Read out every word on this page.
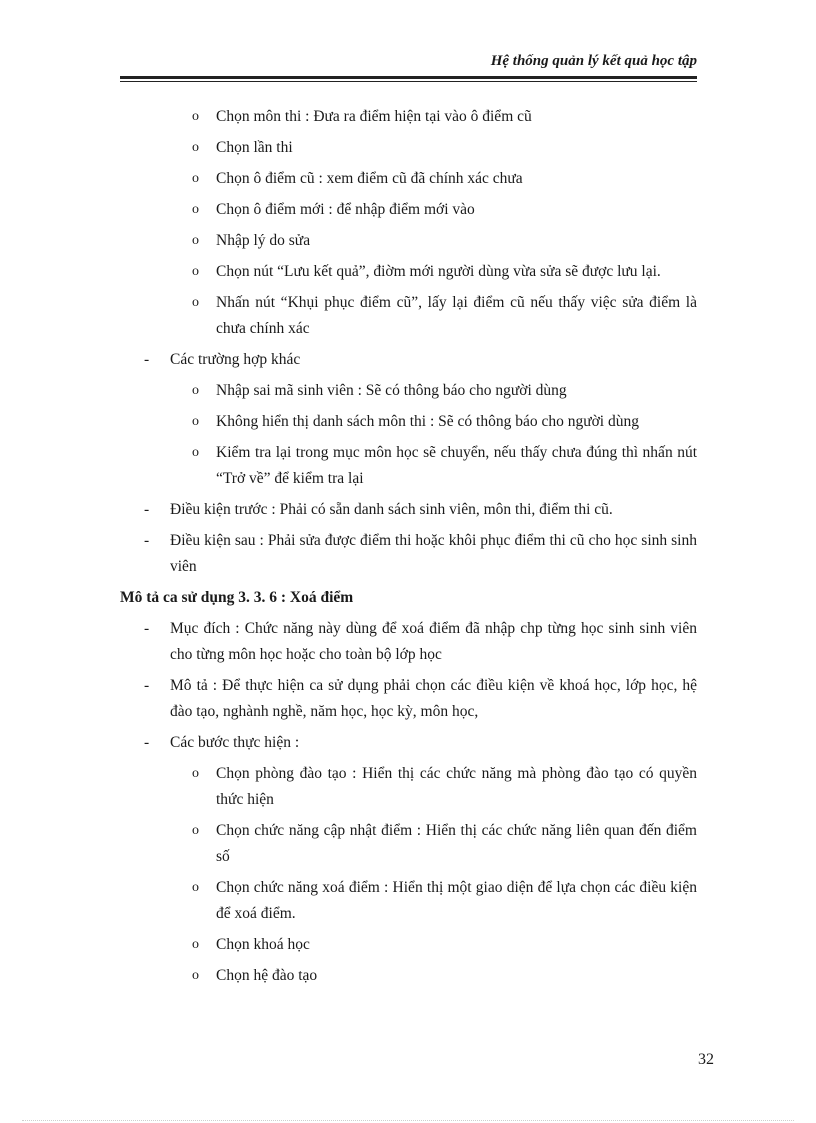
Hệ thống quản lý kết quả học tập
o Chọn môn thi : Đưa ra điểm hiện tại vào ô điểm cũ
o Chọn lần thi
o Chọn ô điểm cũ : xem điểm cũ đã chính xác chưa
o Chọn ô điểm mới : để nhập điểm mới vào
o Nhập lý do sửa
o Chọn nút “Lưu kết quả”, điờm mới người dùng vừa sửa sẽ được lưu lại.
o Nhấn nút “Khụi phục điểm cũ”, lấy lại điểm cũ nếu thấy việc sửa điểm là chưa chính xác
- Các trường hợp khác
o Nhập sai mã sinh viên : Sẽ có thông báo cho người dùng
o Không hiển thị danh sách môn thi : Sẽ có thông báo cho người dùng
o Kiểm tra lại trong mục môn học sẽ chuyển, nếu thấy chưa đúng thì nhấn nút “Trở về” để kiểm tra lại
- Điều kiện trước : Phải có sẵn danh sách sinh viên, môn thi, điểm thi cũ.
- Điều kiện sau : Phải sửa được điểm thi hoặc khôi phục điểm thi cũ cho học sinh sinh viên
Mô tả ca sử dụng 3. 3. 6 : Xoá điểm
- Mục đích : Chức năng này dùng để xoá điểm đã nhập chp từng học sinh sinh viên cho từng môn học hoặc cho toàn bộ lớp học
- Mô tả : Để thực hiện ca sử dụng phải chọn các điều kiện về khoá học, lớp học, hệ đào tạo, nghành nghề, năm học, học kỳ, môn học,
- Các bước thực hiện :
o Chọn phòng đào tạo : Hiển thị các chức năng mà phòng đào tạo có quyền thức hiện
o Chọn chức năng cập nhật điểm : Hiển thị các chức năng liên quan đến điểm số
o Chọn chức năng xoá điểm : Hiển thị một giao diện để lựa chọn các điều kiện để xoá điểm.
o Chọn khoá học
o Chọn hệ đào tạo
32
